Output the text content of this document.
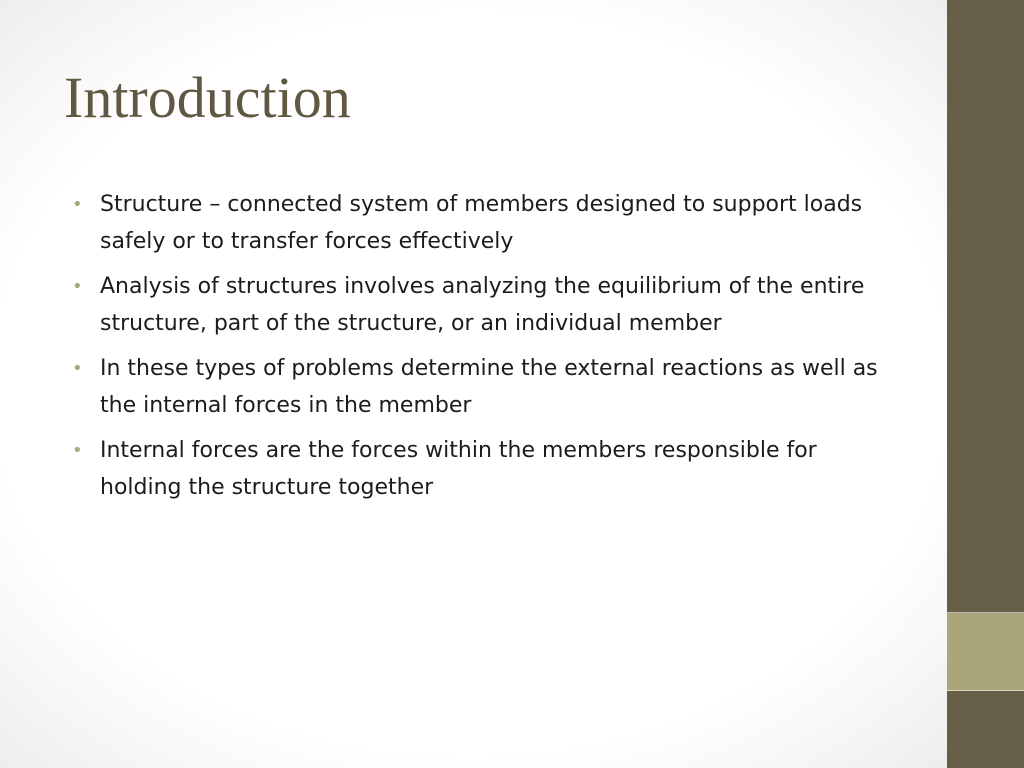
Introduction
• Structure – connected system of members designed to support loads safely or to transfer forces effectively
• Analysis of structures involves analyzing the equilibrium of the entire structure, part of the structure, or an individual member
• In these types of problems determine the external reactions as well as the internal forces in the member
• Internal forces are the forces within the members responsible for holding the structure together
